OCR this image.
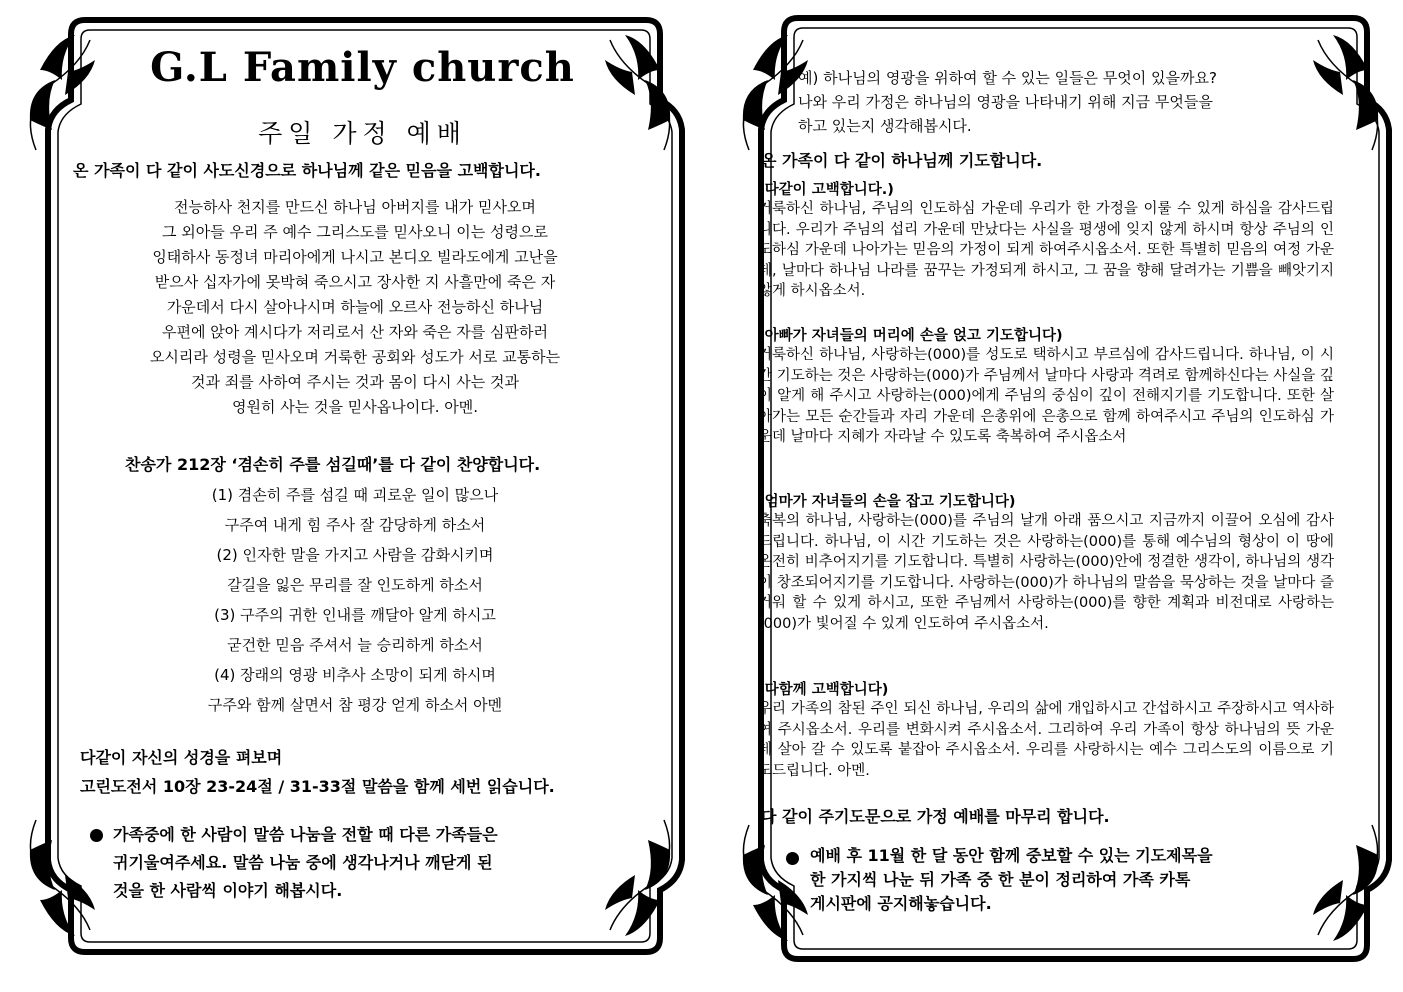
G.L Family church
주일 가정 예배
온 가족이 다 같이 사도신경으로 하나님께 같은 믿음을 고백합니다.
전능하사 천지를 만드신 하나님 아버지를 내가 믿사오며
그 외아들 우리 주 예수 그리스도를 믿사오니 이는 성령으로
잉태하사 동정녀 마리아에게 나시고 본디오 빌라도에게 고난을
받으사 십자가에 못박혀 죽으시고 장사한 지 사흘만에 죽은 자
가운데서 다시 살아나시며 하늘에 오르사 전능하신 하나님
우편에 앉아 계시다가 저리로서 산 자와 죽은 자를 심판하러
오시리라 성령을 믿사오며 거룩한 공회와 성도가 서로 교통하는
것과 죄를 사하여 주시는 것과 몸이 다시 사는 것과
영원히 사는 것을 믿사옵나이다. 아멘.
찬송가 212장 ‘겸손히 주를 섬길때’를 다 같이 찬양합니다.
(1) 겸손히 주를 섬길 때 괴로운 일이 많으나
구주여 내게 힘 주사 잘 감당하게 하소서
(2) 인자한 말을 가지고 사람을 감화시키며
갈길을 잃은 무리를 잘 인도하게 하소서
(3) 구주의 귀한 인내를 깨달아 알게 하시고
굳건한 믿음 주셔서 늘 승리하게 하소서
(4) 장래의 영광 비추사 소망이 되게 하시며
구주와 함께 살면서 참 평강 얻게 하소서 아멘
다같이 자신의 성경을 펴보며
고린도전서 10장 23-24절 / 31-33절 말씀을 함께 세번 읽습니다.
가족중에 한 사람이 말씀 나눔을 전할 때 다른 가족들은
귀기울여주세요. 말씀 나눔 중에 생각나거나 깨닫게 된
것을 한 사람씩 이야기 해봅시다.
예) 하나님의 영광을 위하여 할 수 있는 일들은 무엇이 있을까요?
나와 우리 가정은 하나님의 영광을 나타내기 위해 지금 무엇들을
하고 있는지 생각해봅시다.
온 가족이 다 같이 하나님께 기도합니다.
(다같이 고백합니다.)
거룩하신 하나님, 주님의 인도하심 가운데 우리가 한 가정을 이룰 수 있게 하심을 감사드립니다. 우리가 주님의 섭리 가운데 만났다는 사실을 평생에 잊지 않게 하시며 항상 주님의 인도하심 가운데 나아가는 믿음의 가정이 되게 하여주시옵소서. 또한 특별히 믿음의 여정 가운데, 날마다 하나님 나라를 꿈꾸는 가정되게 하시고, 그 꿈을 향해 달려가는 기쁨을 빼앗기지 않게 하시옵소서.
(아빠가 자녀들의 머리에 손을 얹고 기도합니다)
거룩하신 하나님, 사랑하는(000)를 성도로 택하시고 부르심에 감사드립니다. 하나님, 이 시간 기도하는 것은 사랑하는(000)가 주님께서 날마다 사랑과 격려로 함께하신다는 사실을 깊이 알게 해 주시고 사랑하는(000)에게 주님의 중심이 깊이 전해지기를 기도합니다. 또한 살아가는 모든 순간들과 자리 가운데 은총위에 은총으로 함께 하여주시고 주님의 인도하심 가운데 날마다 지혜가 자라날 수 있도록 축복하여 주시옵소서
(엄마가 자녀들의 손을 잡고 기도합니다)
축복의 하나님, 사랑하는(000)를 주님의 날개 아래 품으시고 지금까지 이끌어 오심에 감사드립니다. 하나님, 이 시간 기도하는 것은 사랑하는(000)를 통해 예수님의 형상이 이 땅에 온전히 비추어지기를 기도합니다. 특별히 사랑하는(000)안에 정결한 생각이, 하나님의 생각이 창조되어지기를 기도합니다. 사랑하는(000)가 하나님의 말씀을 묵상하는 것을 날마다 즐거워 할 수 있게 하시고, 또한 주님께서 사랑하는(000)를 향한 계획과 비전대로 사랑하는(000)가 빛어질 수 있게 인도하여 주시옵소서.
(다함께 고백합니다)
우리 가족의 참된 주인 되신 하나님, 우리의 삶에 개입하시고 간섭하시고 주장하시고 역사하여 주시옵소서. 우리를 변화시켜 주시옵소서. 그리하여 우리 가족이 항상 하나님의 뜻 가운데 살아 갈 수 있도록 붙잡아 주시옵소서. 우리를 사랑하시는 예수 그리스도의 이름으로 기도드립니다. 아멘.
다 같이 주기도문으로 가정 예배를 마무리 합니다.
예배 후 11월 한 달 동안 함께 중보할 수 있는 기도제목을
한 가지씩 나눈 뒤 가족 중 한 분이 정리하여 가족 카톡
게시판에 공지해놓습니다.
